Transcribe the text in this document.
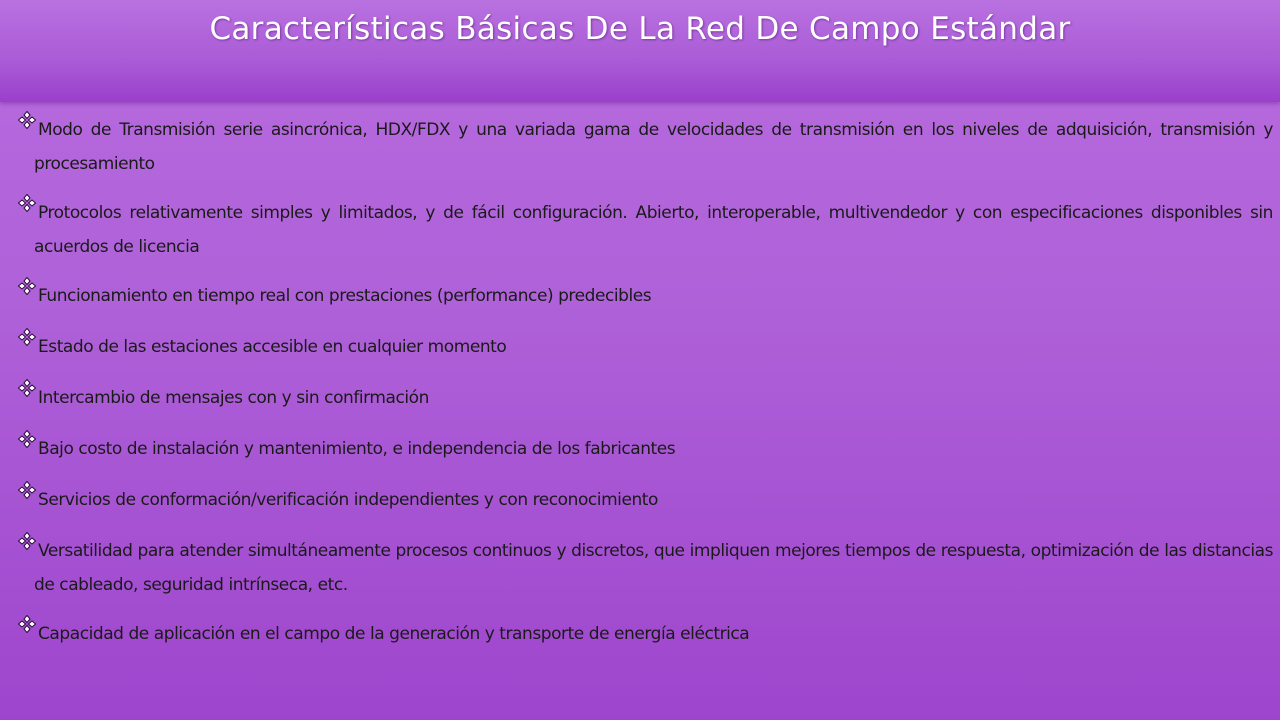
Características Básicas De La Red De Campo Estándar

Modo de Transmisión serie asincrónica, HDX/FDX y una variada gama de velocidades de transmisión en los niveles de adquisición, transmisión y procesamiento

Protocolos relativamente simples y limitados, y de fácil configuración. Abierto, interoperable, multivendedor y con especificaciones disponibles sin acuerdos de licencia

Funcionamiento en tiempo real con prestaciones (performance) predecibles

Estado de las estaciones accesible en cualquier momento

Intercambio de mensajes con y sin confirmación

Bajo costo de instalación y mantenimiento, e independencia de los fabricantes

Servicios de conformación/verificación independientes y con reconocimiento

Versatilidad para atender simultáneamente procesos continuos y discretos, que impliquen mejores tiempos de respuesta, optimización de las distancias de cableado, seguridad intrínseca, etc.

Capacidad de aplicación en el campo de la generación y transporte de energía eléctrica
